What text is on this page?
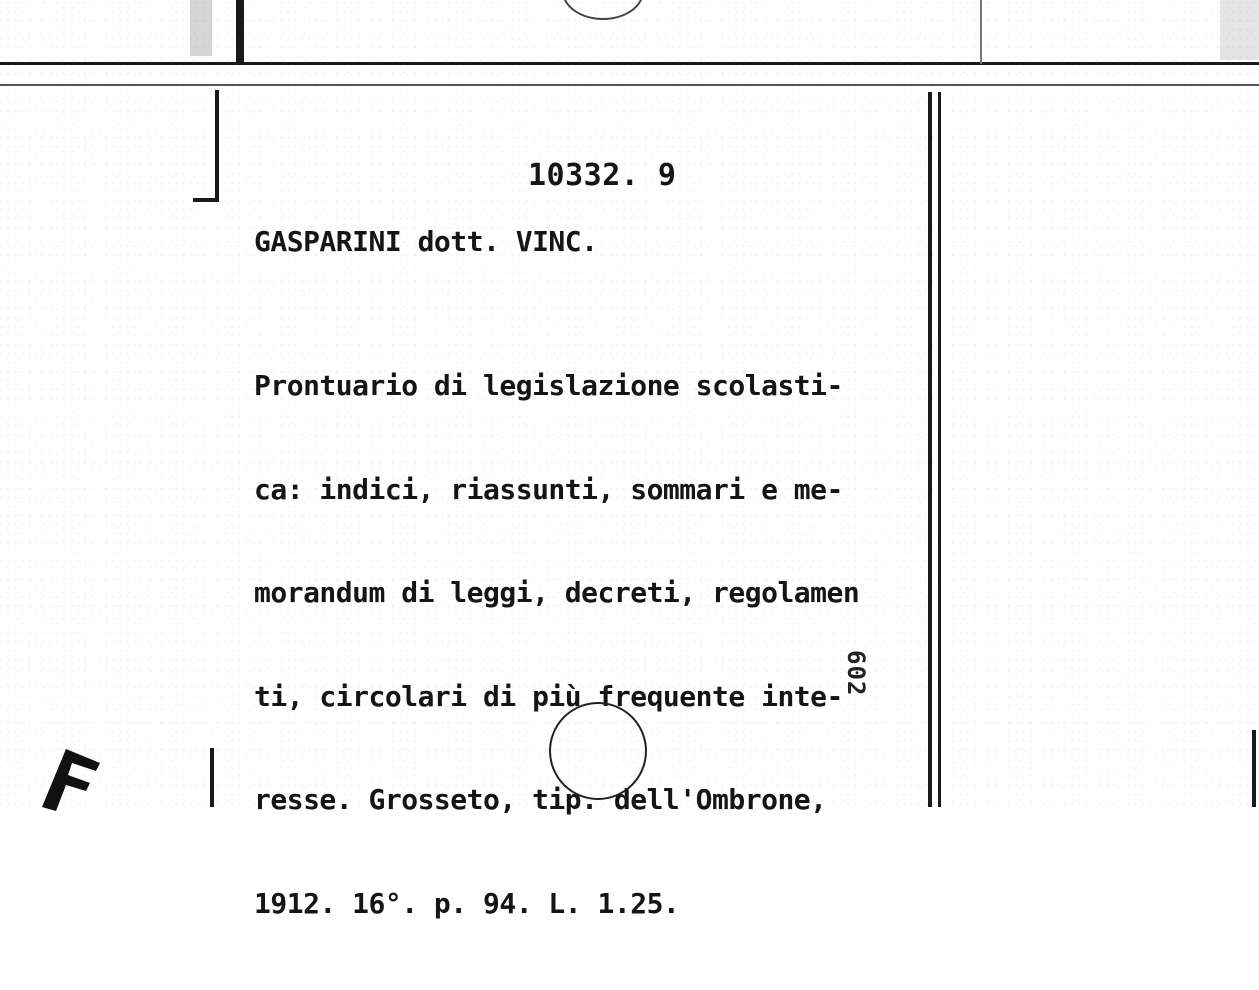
10332. 9
GASPARINI dott. VINC.

Prontuario di legislazione scolasti-

ca: indici, riassunti, sommari e me-

morandum di leggi, decreti, regolamen

ti, circolari di più frequente inte-

resse. Grosseto, tip. dell'Ombrone,

1912. 16°. p. 94. L. 1.25.

602
